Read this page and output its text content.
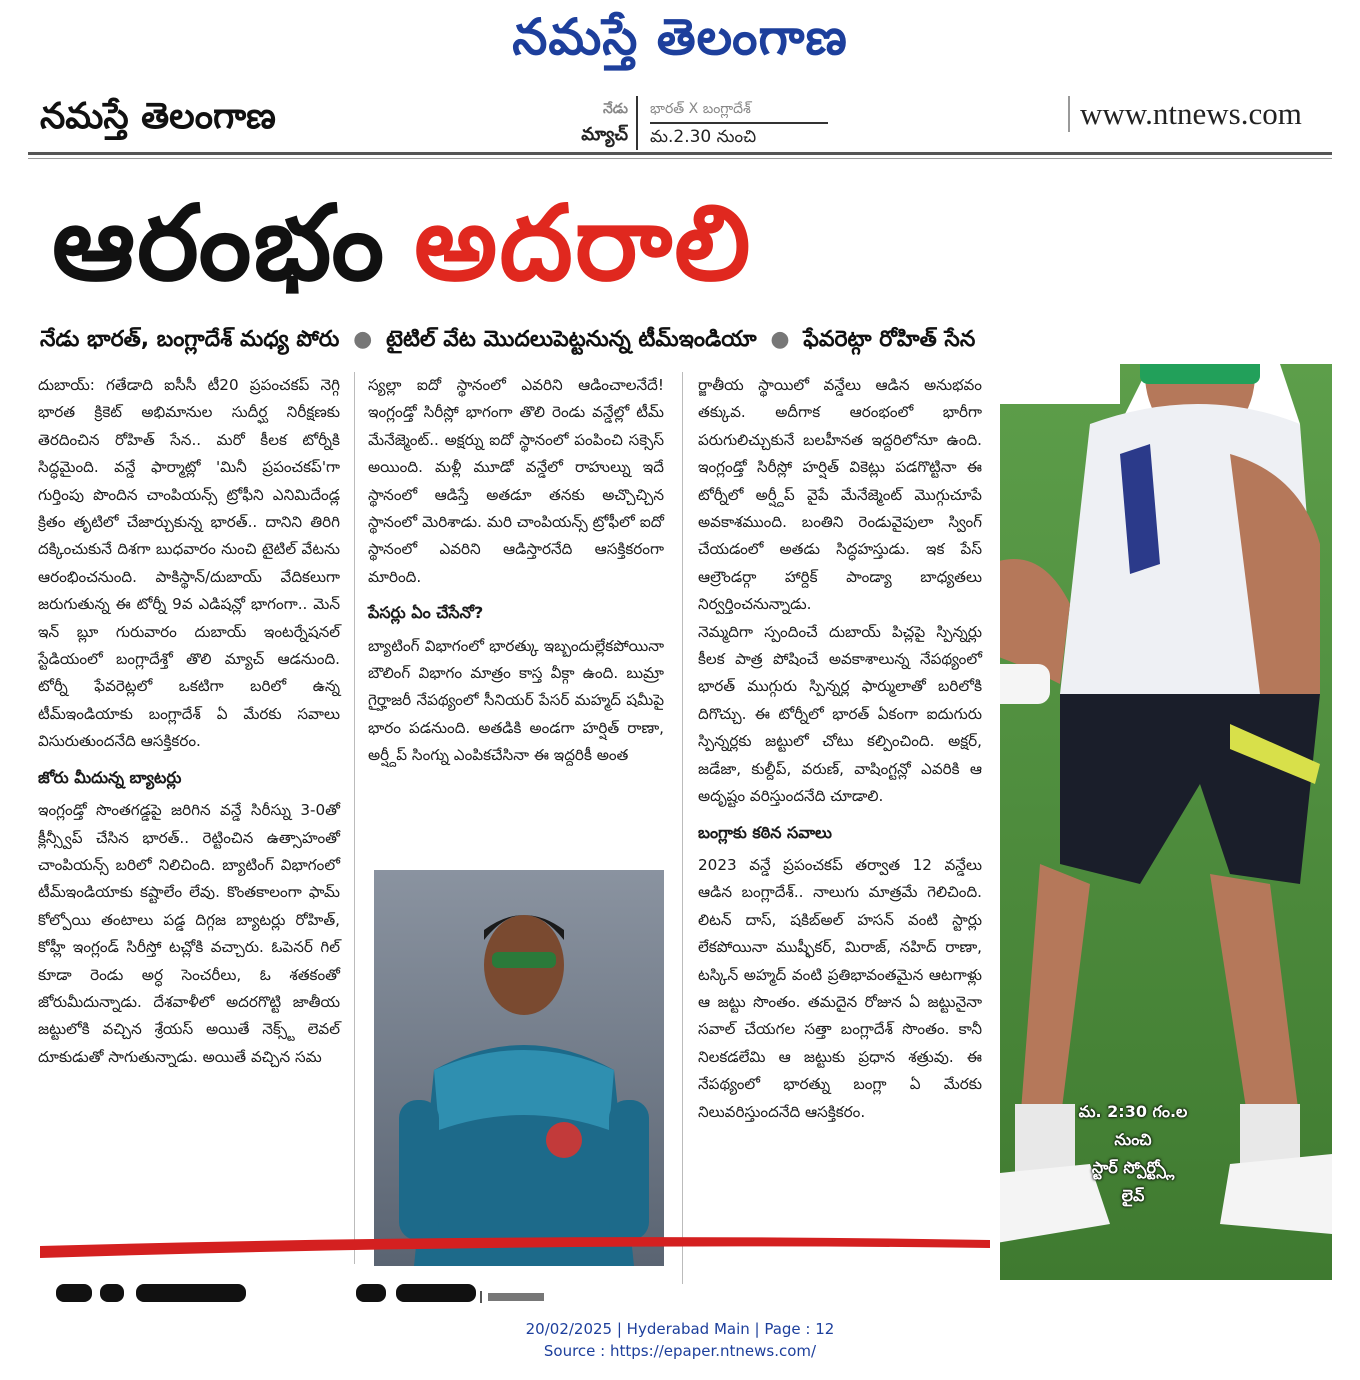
నమస్తే తెలంగాణ
నమస్తే తెలంగాణ	నేడు
మ్యాచ్
భారత్ X బంగ్లాదేశ్
మ.2.30 నుంచి
www.ntnews.com
ఆరంభం అదరాలి
నేడు భారత్, బంగ్లాదేశ్ మధ్య పోరు ● టైటిల్ వేట మొదలుపెట్టనున్న టీమ్ఇండియా ● ఫేవరెట్గా రోహిత్ సేన

దుబాయ్: గతేడాది ఐసీసీ టీ20 ప్రపంచకప్ నెగ్గి భారత క్రికెట్ అభిమానుల సుదీర్ఘ నిరీక్షణకు తెరదించిన రోహిత్ సేన.. మరో కీలక టోర్నీకి సిద్ధమైంది. వన్డే ఫార్మాట్లో 'మినీ ప్రపంచకప్'గా గుర్తింపు పొందిన చాంపియన్స్ ట్రోఫీని ఎనిమిదేండ్ల క్రితం తృటిలో చేజార్చుకున్న భారత్.. దానిని తిరిగి దక్కించుకునే దిశగా బుధవారం నుంచి టైటిల్ వేటను ఆరంభించనుంది. పాకిస్థాన్/దుబాయ్ వేదికలుగా జరుగుతున్న ఈ టోర్నీ 9వ ఎడిషన్లో భాగంగా.. మెన్ ఇన్ బ్లూ గురువారం దుబాయ్ ఇంటర్నేషనల్ స్టేడియంలో బంగ్లాదేశ్తో తొలి మ్యాచ్ ఆడనుంది. టోర్నీ ఫేవరెట్లలో ఒకటిగా బరిలో ఉన్న టీమ్ఇండియాకు బంగ్లాదేశ్ ఏ మేరకు సవాలు విసురుతుందనేది ఆసక్తికరం.

జోరు మీదున్న బ్యాటర్లు

ఇంగ్లండ్తో సొంతగడ్డపై జరిగిన వన్డే సిరీస్ను 3-0తో క్లీన్స్వీప్ చేసిన భారత్.. రెట్టించిన ఉత్సాహంతో చాంపియన్స్ బరిలో నిలిచింది. బ్యాటింగ్ విభాగంలో టీమ్ఇండియాకు కష్టాలేం లేవు. కొంతకాలంగా ఫామ్ కోల్పోయి తంటాలు పడ్డ దిగ్గజ బ్యాటర్లు రోహిత్, కోహ్లీ ఇంగ్లండ్ సిరీస్తో టచ్లోకి వచ్చారు. ఓపెనర్ గిల్ కూడా రెండు అర్ధ సెంచరీలు, ఓ శతకంతో జోరుమీదున్నాడు. దేశవాళీలో అదరగొట్టి జాతీయ జట్టులోకి వచ్చిన శ్రేయస్ అయితే నెక్స్ట్ లెవల్ దూకుడుతో సాగుతున్నాడు. అయితే వచ్చిన సమ

స్యల్లా ఐదో స్థానంలో ఎవరిని ఆడించాలనేదే! ఇంగ్లండ్తో సిరీస్లో భాగంగా తొలి రెండు వన్డేల్లో టీమ్ మేనేజ్మెంట్.. అక్షర్ను ఐదో స్థానంలో పంపించి సక్సెస్ అయింది. మళ్లీ మూడో వన్డేలో రాహుల్ను ఇదే స్థానంలో ఆడిస్తే అతడూ తనకు అచ్చొచ్చిన స్థానంలో మెరిశాడు. మరి చాంపియన్స్ ట్రోఫీలో ఐదో స్థానంలో ఎవరిని ఆడిస్తారనేది ఆసక్తికరంగా మారింది.

పేసర్లు ఏం చేసేనో?

బ్యాటింగ్ విభాగంలో భారత్కు ఇబ్బందుల్లేకపోయినా బౌలింగ్ విభాగం మాత్రం కాస్త వీక్గా ఉంది. బుమ్రా గైర్హాజరీ నేపథ్యంలో సీనియర్ పేసర్ మహ్మద్ షమీపై భారం పడనుంది. అతడికి అండగా హర్షిత్ రాణా, అర్ష్దీప్ సింగ్ను ఎంపికచేసినా ఈ ఇద్దరికీ అంత

ర్జాతీయ స్థాయిలో వన్డేలు ఆడిన అనుభవం తక్కువ. అదీగాక ఆరంభంలో భారీగా పరుగులిచ్చుకునే బలహీనత ఇద్దరిలోనూ ఉంది. ఇంగ్లండ్తో సిరీస్లో హర్షిత్ వికెట్లు పడగొట్టినా ఈ టోర్నీలో అర్ష్దీప్ వైపే మేనేజ్మెంట్ మొగ్గుచూపే అవకాశముంది. బంతిని రెండువైపులా స్వింగ్ చేయడంలో అతడు సిద్ధహస్తుడు. ఇక పేస్ ఆల్రౌండర్గా హార్దిక్ పాండ్యా బాధ్యతలు నిర్వర్తించనున్నాడు.

నెమ్మదిగా స్పందించే దుబాయ్ పిచ్లపై స్పిన్నర్లు కీలక పాత్ర పోషించే అవకాశాలున్న నేపథ్యంలో భారత్ ముగ్గురు స్పిన్నర్ల ఫార్ములాతో బరిలోకి దిగొచ్చు. ఈ టోర్నీలో భారత్ ఏకంగా ఐదుగురు స్పిన్నర్లకు జట్టులో చోటు కల్పించింది. అక్షర్, జడేజా, కుల్దీప్, వరుణ్, వాషింగ్టన్లో ఎవరికి ఆ అదృష్టం వరిస్తుందనేది చూడాలి.

బంగ్లాకు కఠిన సవాలు

2023 వన్డే ప్రపంచకప్ తర్వాత 12 వన్డేలు ఆడిన బంగ్లాదేశ్.. నాలుగు మాత్రమే గెలిచింది. లిటన్ దాస్, షకిబ్అల్ హసన్ వంటి స్టార్లు లేకపోయినా ముష్ఫీకర్, మిరాజ్, నహిద్ రాణా, టస్కిన్ అహ్మద్ వంటి ప్రతిభావంతమైన ఆటగాళ్లు ఆ జట్టు సొంతం. తమదైన రోజున ఏ జట్టునైనా సవాల్ చేయగల సత్తా బంగ్లాదేశ్ సొంతం. కానీ నిలకడలేమి ఆ జట్టుకు ప్రధాన శత్రువు. ఈ నేపథ్యంలో భారత్ను బంగ్లా ఏ మేరకు నిలువరిస్తుందనేది ఆసక్తికరం.	మ. 2:30 గం.ల
నుంచి
స్టార్ స్పోర్ట్స్లో
లైవ్
20/02/2025 | Hyderabad Main | Page : 12
Source : https://epaper.ntnews.com/
